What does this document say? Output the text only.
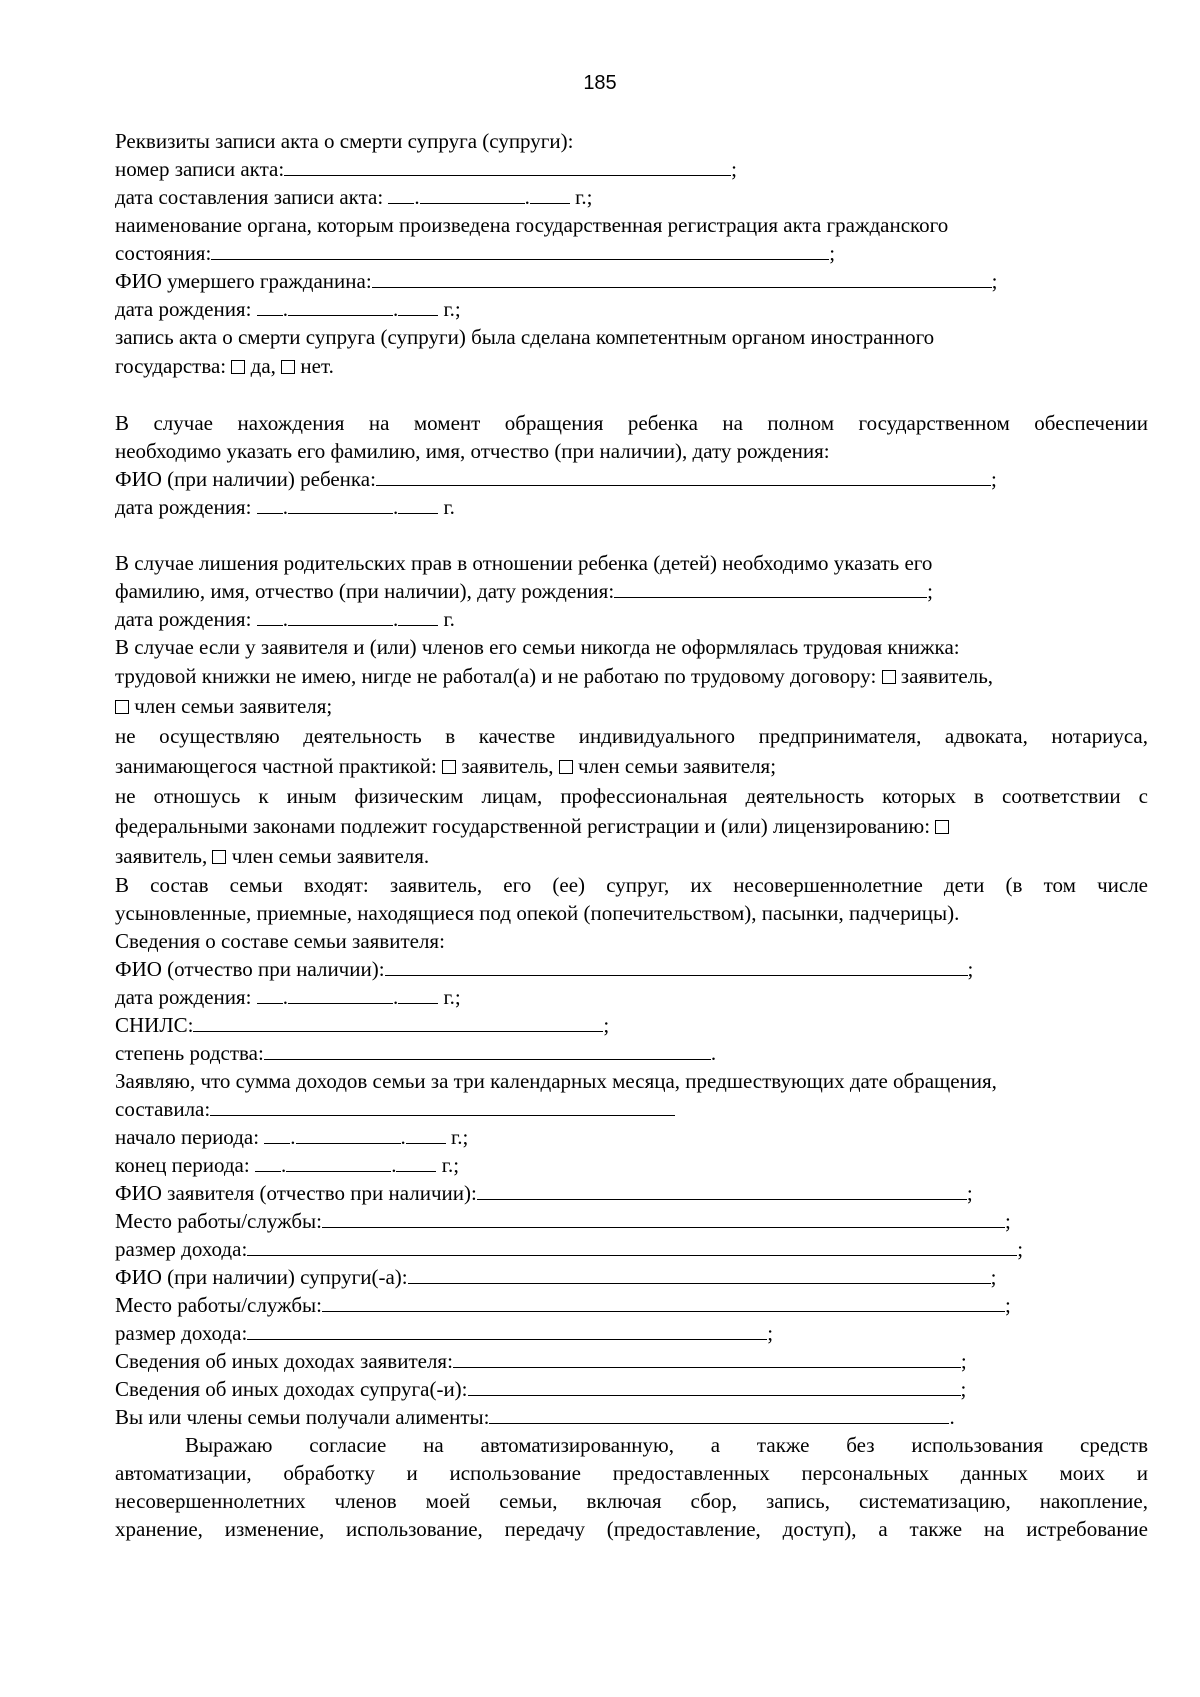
185
Реквизиты записи акта о смерти супруга (супруги):
номер записи акта:	;
дата составления записи акта: .	. г.;
наименование органа, которым произведена государственная регистрация акта гражданского
состояния:	;
ФИО умершего гражданина:	;
дата рождения: .	. г.;
запись акта о смерти супруга (супруги) была сделана компетентным органом иностранного
государства: да, нет.
В случае нахождения на момент обращения ребенка на полном государственном обеспечении
необходимо указать его фамилию, имя, отчество (при наличии), дату рождения:
ФИО (при наличии) ребенка:	;
дата рождения: .	. г.
В случае лишения родительских прав в отношении ребенка (детей) необходимо указать его
фамилию, имя, отчество (при наличии), дату рождения:	;
дата рождения: .	. г.
В случае если у заявителя и (или) членов его семьи никогда не оформлялась трудовая книжка:
трудовой книжки не имею, нигде не работал(а) и не работаю по трудовому договору: заявитель,
член семьи заявителя;
не осуществляю деятельность в качестве индивидуального предпринимателя, адвоката, нотариуса,
занимающегося частной практикой: заявитель, член семьи заявителя;
не отношусь к иным физическим лицам, профессиональная деятельность которых в соответствии с
федеральными законами подлежит государственной регистрации и (или) лицензированию:
заявитель, член семьи заявителя.
В состав семьи входят: заявитель, его (ее) супруг, их несовершеннолетние дети (в том числе
усыновленные, приемные, находящиеся под опекой (попечительством), пасынки, падчерицы).
Сведения о составе семьи заявителя:
ФИО (отчество при наличии):	;
дата рождения: .	. г.;
СНИЛС:	;
степень родства:	.
Заявляю, что сумма доходов семьи за три календарных месяца, предшествующих дате обращения,
составила:
начало периода: .	. г.;
конец периода: .	. г.;
ФИО заявителя (отчество при наличии):	;
Место работы/службы:	;
размер дохода:	;
ФИО (при наличии) супруги(-а):	;
Место работы/службы:	;
размер дохода:	;
Сведения об иных доходах заявителя:	;
Сведения об иных доходах супруга(-и):	;
Вы или члены семьи получали алименты:	.
Выражаю согласие на автоматизированную, а также без использования средств
автоматизации, обработку и использование предоставленных персональных данных моих и
несовершеннолетних членов моей семьи, включая сбор, запись, систематизацию, накопление,
хранение, изменение, использование, передачу (предоставление, доступ), а также на истребование
